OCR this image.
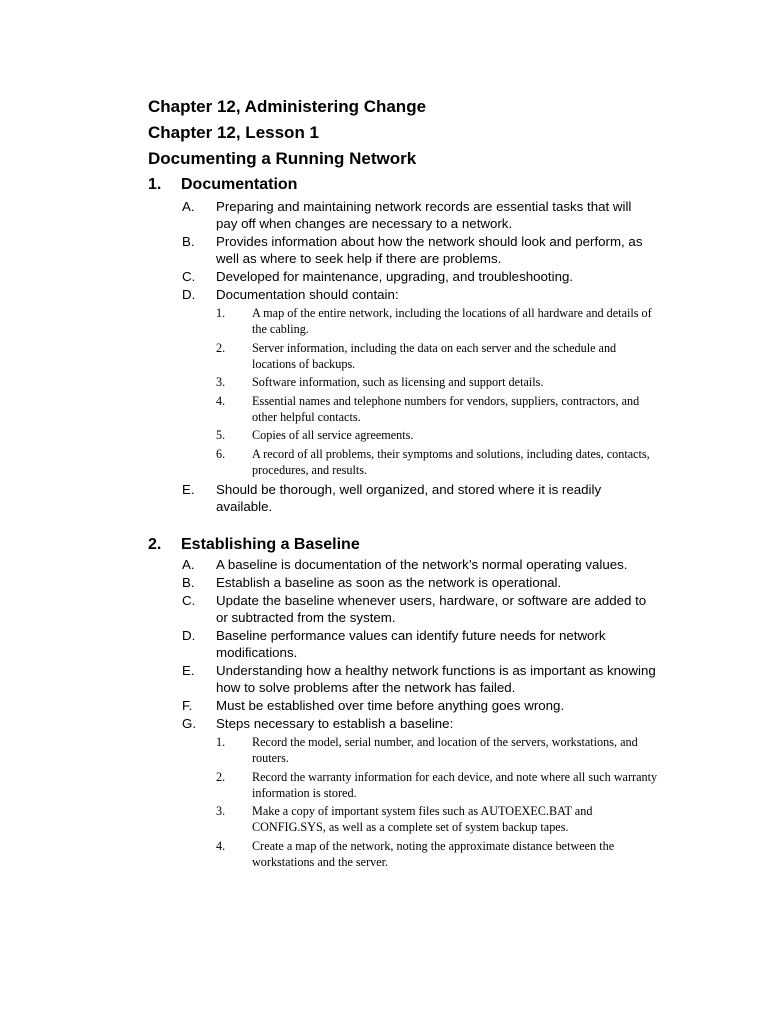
Chapter 12, Administering Change
Chapter 12, Lesson 1
Documenting a Running Network
1. Documentation
A. Preparing and maintaining network records are essential tasks that will pay off when changes are necessary to a network.
B. Provides information about how the network should look and perform, as well as where to seek help if there are problems.
C. Developed for maintenance, upgrading, and troubleshooting.
D. Documentation should contain:
1. A map of the entire network, including the locations of all hardware and details of the cabling.
2. Server information, including the data on each server and the schedule and locations of backups.
3. Software information, such as licensing and support details.
4. Essential names and telephone numbers for vendors, suppliers, contractors, and other helpful contacts.
5. Copies of all service agreements.
6. A record of all problems, their symptoms and solutions, including dates, contacts, procedures, and results.
E. Should be thorough, well organized, and stored where it is readily available.
2. Establishing a Baseline
A. A baseline is documentation of the network’s normal operating values.
B. Establish a baseline as soon as the network is operational.
C. Update the baseline whenever users, hardware, or software are added to or subtracted from the system.
D. Baseline performance values can identify future needs for network modifications.
E. Understanding how a healthy network functions is as important as knowing how to solve problems after the network has failed.
F. Must be established over time before anything goes wrong.
G. Steps necessary to establish a baseline:
1. Record the model, serial number, and location of the servers, workstations, and routers.
2. Record the warranty information for each device, and note where all such warranty information is stored.
3. Make a copy of important system files such as AUTOEXEC.BAT and CONFIG.SYS, as well as a complete set of system backup tapes.
4. Create a map of the network, noting the approximate distance between the workstations and the server.
